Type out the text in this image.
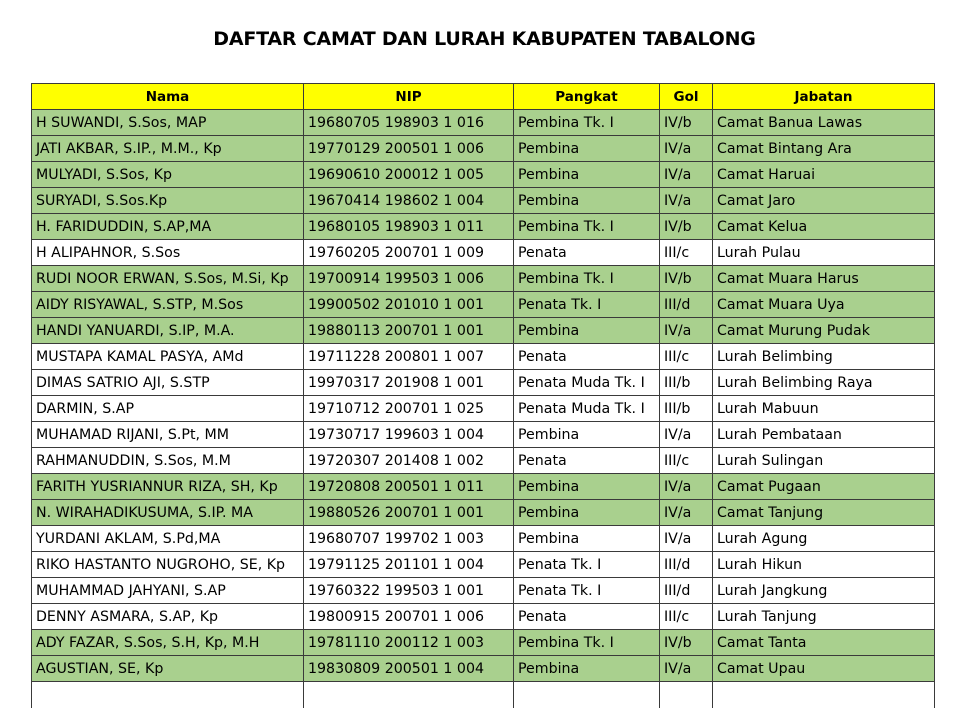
DAFTAR CAMAT DAN LURAH KABUPATEN TABALONG
Nama	NIP	Pangkat	Gol	Jabatan
H SUWANDI, S.Sos, MAP	19680705 198903 1 016	Pembina Tk. I	IV/b	Camat Banua Lawas
JATI AKBAR, S.IP., M.M., Kp	19770129 200501 1 006	Pembina	IV/a	Camat Bintang Ara
MULYADI, S.Sos, Kp	19690610 200012 1 005	Pembina	IV/a	Camat Haruai
SURYADI, S.Sos.Kp	19670414 198602 1 004	Pembina	IV/a	Camat Jaro
H. FARIDUDDIN, S.AP,MA	19680105 198903 1 011	Pembina Tk. I	IV/b	Camat Kelua
H ALIPAHNOR, S.Sos	19760205 200701 1 009	Penata	III/c	Lurah Pulau
RUDI NOOR ERWAN, S.Sos, M.Si, Kp	19700914 199503 1 006	Pembina Tk. I	IV/b	Camat Muara Harus
AIDY RISYAWAL, S.STP, M.Sos	19900502 201010 1 001	Penata Tk. I	III/d	Camat Muara Uya
HANDI YANUARDI, S.IP, M.A.	19880113 200701 1 001	Pembina	IV/a	Camat Murung Pudak
MUSTAPA KAMAL PASYA, AMd	19711228 200801 1 007	Penata	III/c	Lurah Belimbing
DIMAS SATRIO AJI, S.STP	19970317 201908 1 001	Penata Muda Tk. I	III/b	Lurah Belimbing Raya
DARMIN, S.AP	19710712 200701 1 025	Penata Muda Tk. I	III/b	Lurah Mabuun
MUHAMAD RIJANI, S.Pt, MM	19730717 199603 1 004	Pembina	IV/a	Lurah Pembataan
RAHMANUDDIN, S.Sos, M.M	19720307 201408 1 002	Penata	III/c	Lurah Sulingan
FARITH YUSRIANNUR RIZA, SH, Kp	19720808 200501 1 011	Pembina	IV/a	Camat Pugaan
N. WIRAHADIKUSUMA, S.IP. MA	19880526 200701 1 001	Pembina	IV/a	Camat Tanjung
YURDANI AKLAM, S.Pd,MA	19680707 199702 1 003	Pembina	IV/a	Lurah Agung
RIKO HASTANTO NUGROHO, SE, Kp	19791125 201101 1 004	Penata Tk. I	III/d	Lurah Hikun
MUHAMMAD JAHYANI, S.AP	19760322 199503 1 001	Penata Tk. I	III/d	Lurah Jangkung
DENNY ASMARA, S.AP, Kp	19800915 200701 1 006	Penata	III/c	Lurah Tanjung
ADY FAZAR, S.Sos, S.H, Kp, M.H	19781110 200112 1 003	Pembina Tk. I	IV/b	Camat Tanta
AGUSTIAN, SE, Kp	19830809 200501 1 004	Pembina	IV/a	Camat Upau
